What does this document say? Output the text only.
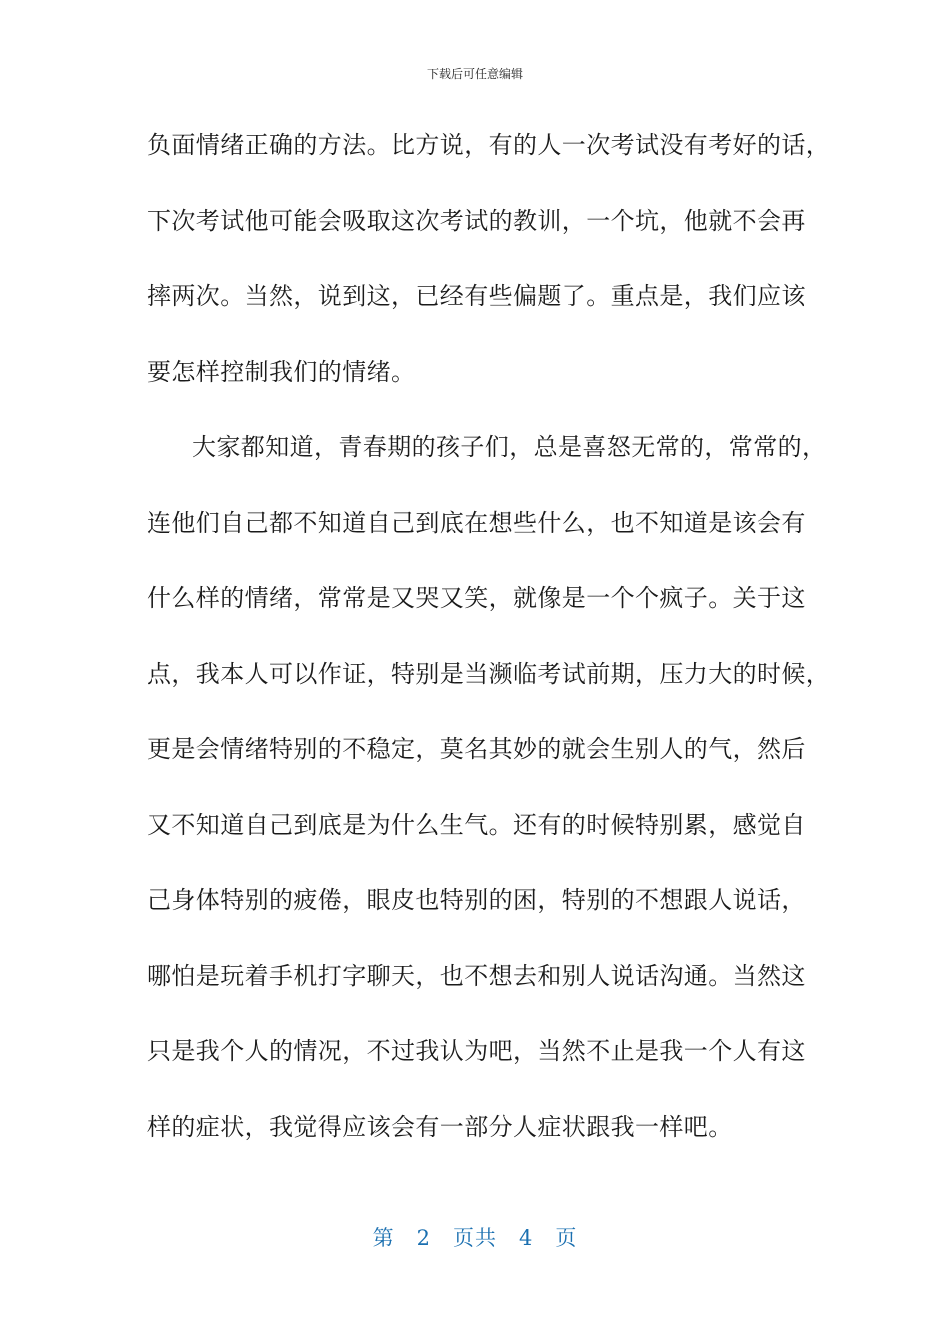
下载后可任意编辑
负面情绪正确的方法。比方说，有的人一次考试没有考好的话，
下次考试他可能会吸取这次考试的教训，一个坑，他就不会再
摔两次。当然，说到这，已经有些偏题了。重点是，我们应该
要怎样控制我们的情绪。
大家都知道，青春期的孩子们，总是喜怒无常的，常常的，
连他们自己都不知道自己到底在想些什么，也不知道是该会有
什么样的情绪，常常是又哭又笑，就像是一个个疯子。关于这
点，我本人可以作证，特别是当濒临考试前期，压力大的时候，
更是会情绪特别的不稳定，莫名其妙的就会生别人的气，然后
又不知道自己到底是为什么生气。还有的时候特别累，感觉自
己身体特别的疲倦，眼皮也特别的困，特别的不想跟人说话，
哪怕是玩着手机打字聊天，也不想去和别人说话沟通。当然这
只是我个人的情况，不过我认为吧，当然不止是我一个人有这
样的症状，我觉得应该会有一部分人症状跟我一样吧。
第 2 页共 4 页
